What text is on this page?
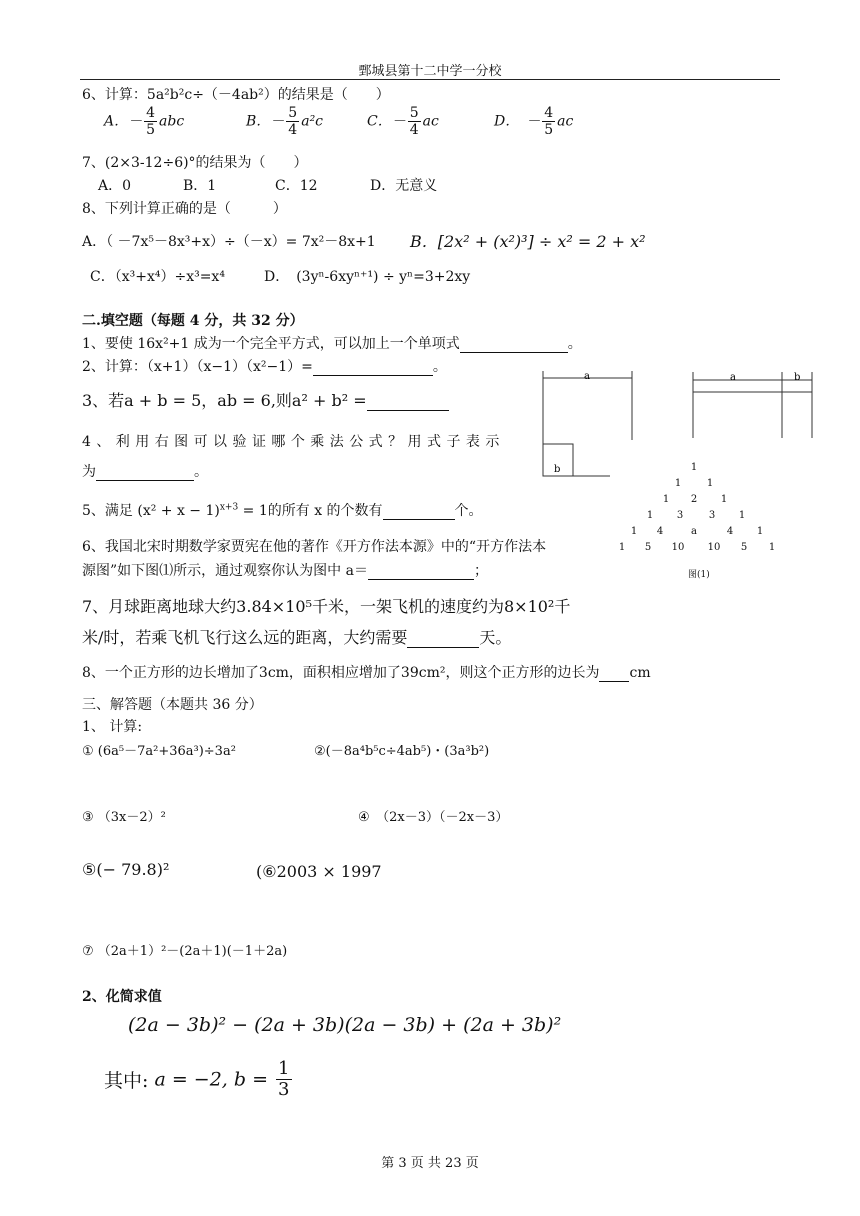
鄄城县第十二中学一分校
6、计算：5a²b²c÷（－4ab²）的结果是（　　）
A．－ $\frac{4}{5}$ abc	B．－ $\frac{5}{4} a^2c$	C．－ $\frac{5}{4}$ ac	D．　－ $\frac{4}{5}$ ac
7、(2×3-12÷6)°的结果为（　　）
A．0	B．1	C．12	D．无意义
8、下列计算正确的是（　　　）
A．（ －7x⁵－8x³+x）÷（－x）= 7x²－8x+1 B．[2x² + (x²)³] ÷ x² = 2 + x²
C．（x³+x⁴）÷x³=x⁴	D．　(3yⁿ-6xyⁿ⁺¹) ÷ yⁿ=3+2xy
二.填空题（每题 4 分，共 32 分）
1、要使 16x²+1 成为一个完全平方式，可以加上一个单项式	。
2、计算：（x+1）（x−1）（x²−1）=	。
3、若a + b = 5，ab = 6,则a² + b² =
4 、 利 用 右 图 可 以 验 证 哪 个 乘 法 公 式 ？ 用 式 子 表 示
为	。
5、满足 $(x^2 + x - 1)^{x+3} = 1$的所有 x 的个数有	个。
6、我国北宋时期数学家贾宪在他的著作《开方作法本源》中的“开方作法本
源图”如下图⑴所示，通过观察你认为图中 a＝	；
7、月球距离地球大约3.84×10⁵千米，一架飞机的速度约为8×10²千
米/时，若乘飞机飞行这么远的距离，大约需要	天。
8、一个正方形的边长增加了3cm，面积相应增加了39cm²，则这个正方形的边长为 cm
a
b
a	b
1
1	1
1	2	1
1	3	3	1
1	4	a	4	1
1	5	10	10	5	1
图(1)
三、解答题（本题共 36 分）
1、 计算:
① (6a⁵－7a²+36a³)÷3a²	②(－8a⁴b⁵c÷4ab⁵)・(3a³b²)
③ （3x－2）²	④　（2x－3）（－2x－3）
⑤(− 79.8)²	(⑥2003 × 1997
⑦ （2a＋1）²－(2a＋1)(－1＋2a)
2、化简求值
(2a − 3b)² − (2a + 3b)(2a − 3b) + (2a + 3b)²
其中: a = −2, $b = \frac{1}{3}$
第 3 页 共 23 页
